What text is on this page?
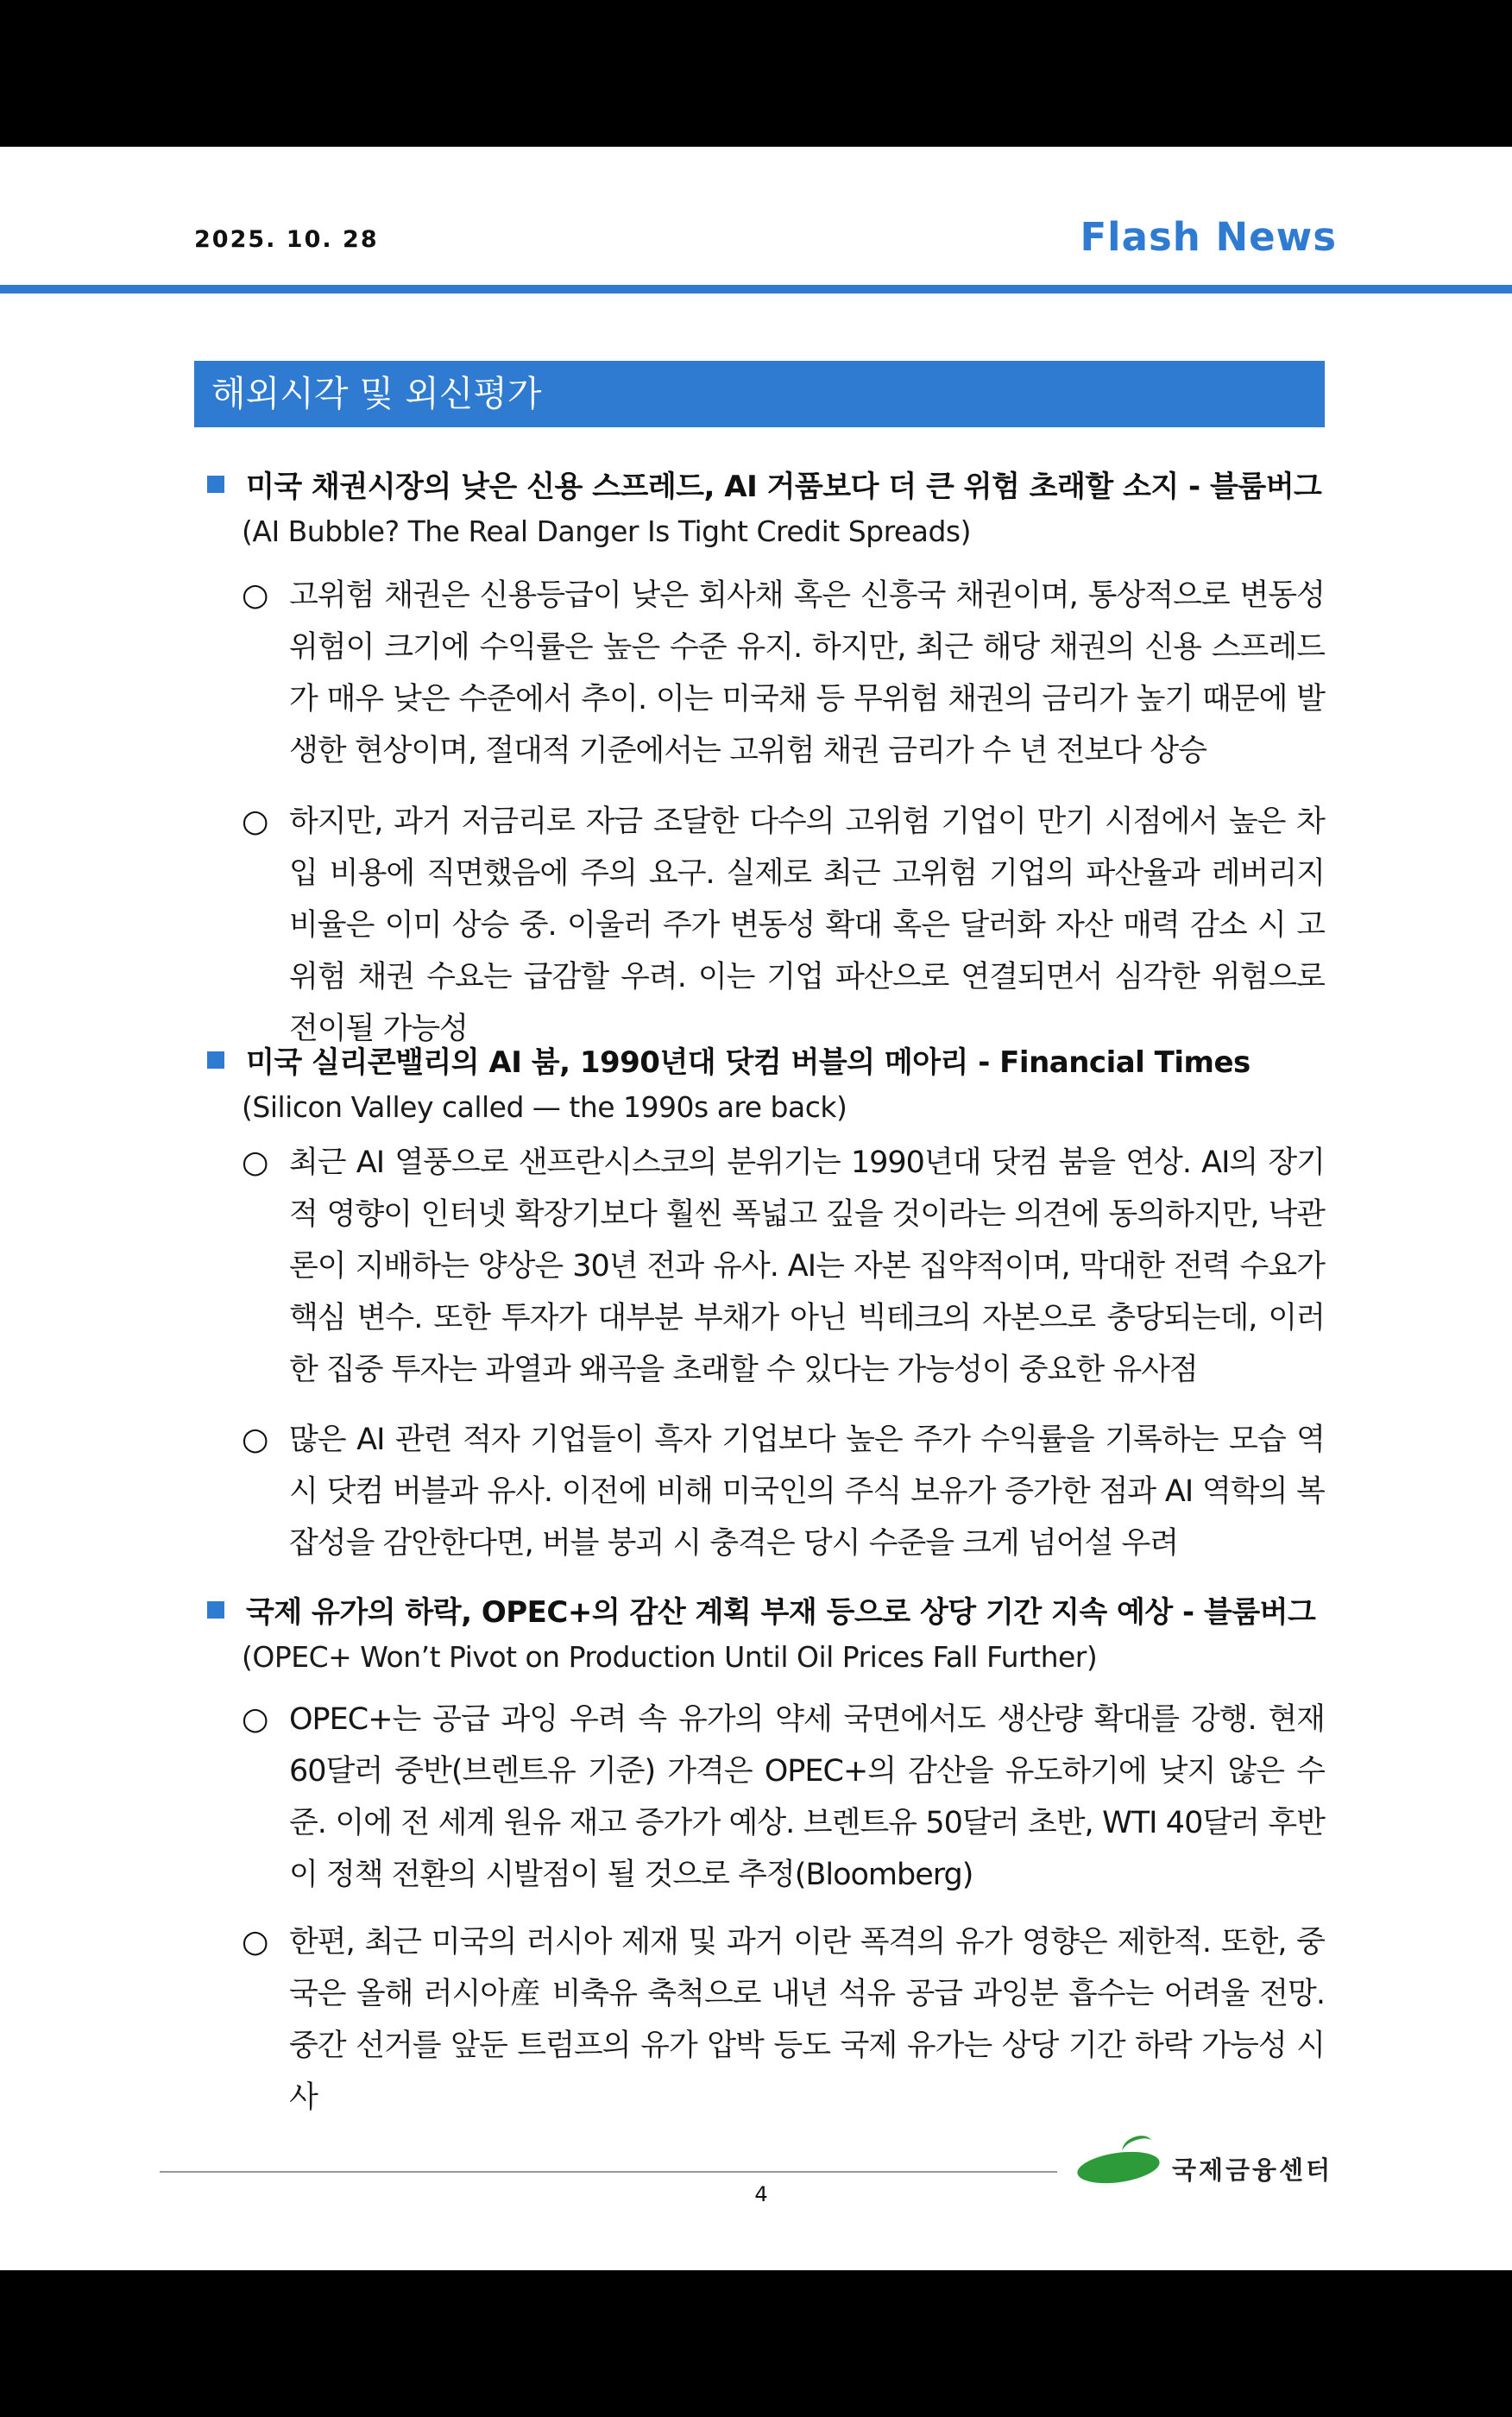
2025. 10. 28	Flash News
해외시각 및 외신평가
미국 채권시장의 낮은 신용 스프레드, AI 거품보다 더 큰 위험 초래할 소지 - 블룸버그
(AI Bubble? The Real Danger Is Tight Credit Spreads)
○ 고위험 채권은 신용등급이 낮은 회사채 혹은 신흥국 채권이며, 통상적으로 변동성 위험이 크기에 수익률은 높은 수준 유지. 하지만, 최근 해당 채권의 신용 스프레드가 매우 낮은 수준에서 추이. 이는 미국채 등 무위험 채권의 금리가 높기 때문에 발생한 현상이며, 절대적 기준에서는 고위험 채권 금리가 수 년 전보다 상승
○ 하지만, 과거 저금리로 자금 조달한 다수의 고위험 기업이 만기 시점에서 높은 차입 비용에 직면했음에 주의 요구. 실제로 최근 고위험 기업의 파산율과 레버리지 비율은 이미 상승 중. 이울러 주가 변동성 확대 혹은 달러화 자산 매력 감소 시 고위험 채권 수요는 급감할 우려. 이는 기업 파산으로 연결되면서 심각한 위험으로 전이될 가능성
미국 실리콘밸리의 AI 붐, 1990년대 닷컴 버블의 메아리 - Financial Times
(Silicon Valley called — the 1990s are back)
○ 최근 AI 열풍으로 샌프란시스코의 분위기는 1990년대 닷컴 붐을 연상. AI의 장기적 영향이 인터넷 확장기보다 훨씬 폭넓고 깊을 것이라는 의견에 동의하지만, 낙관론이 지배하는 양상은 30년 전과 유사. AI는 자본 집약적이며, 막대한 전력 수요가 핵심 변수. 또한 투자가 대부분 부채가 아닌 빅테크의 자본으로 충당되는데, 이러한 집중 투자는 과열과 왜곡을 초래할 수 있다는 가능성이 중요한 유사점
○ 많은 AI 관련 적자 기업들이 흑자 기업보다 높은 주가 수익률을 기록하는 모습 역시 닷컴 버블과 유사. 이전에 비해 미국인의 주식 보유가 증가한 점과 AI 역학의 복잡성을 감안한다면, 버블 붕괴 시 충격은 당시 수준을 크게 넘어설 우려
국제 유가의 하락, OPEC+의 감산 계획 부재 등으로 상당 기간 지속 예상 - 블룸버그
(OPEC+ Won’t Pivot on Production Until Oil Prices Fall Further)
○ OPEC+는 공급 과잉 우려 속 유가의 약세 국면에서도 생산량 확대를 강행. 현재 60달러 중반(브렌트유 기준) 가격은 OPEC+의 감산을 유도하기에 낮지 않은 수준. 이에 전 세계 원유 재고 증가가 예상. 브렌트유 50달러 초반, WTI 40달러 후반이 정책 전환의 시발점이 될 것으로 추정(Bloomberg)
○ 한편, 최근 미국의 러시아 제재 및 과거 이란 폭격의 유가 영향은 제한적. 또한, 중국은 올해 러시아産 비축유 축척으로 내년 석유 공급 과잉분 흡수는 어려울 전망. 중간 선거를 앞둔 트럼프의 유가 압박 등도 국제 유가는 상당 기간 하락 가능성 시사
국제금융센터
4
